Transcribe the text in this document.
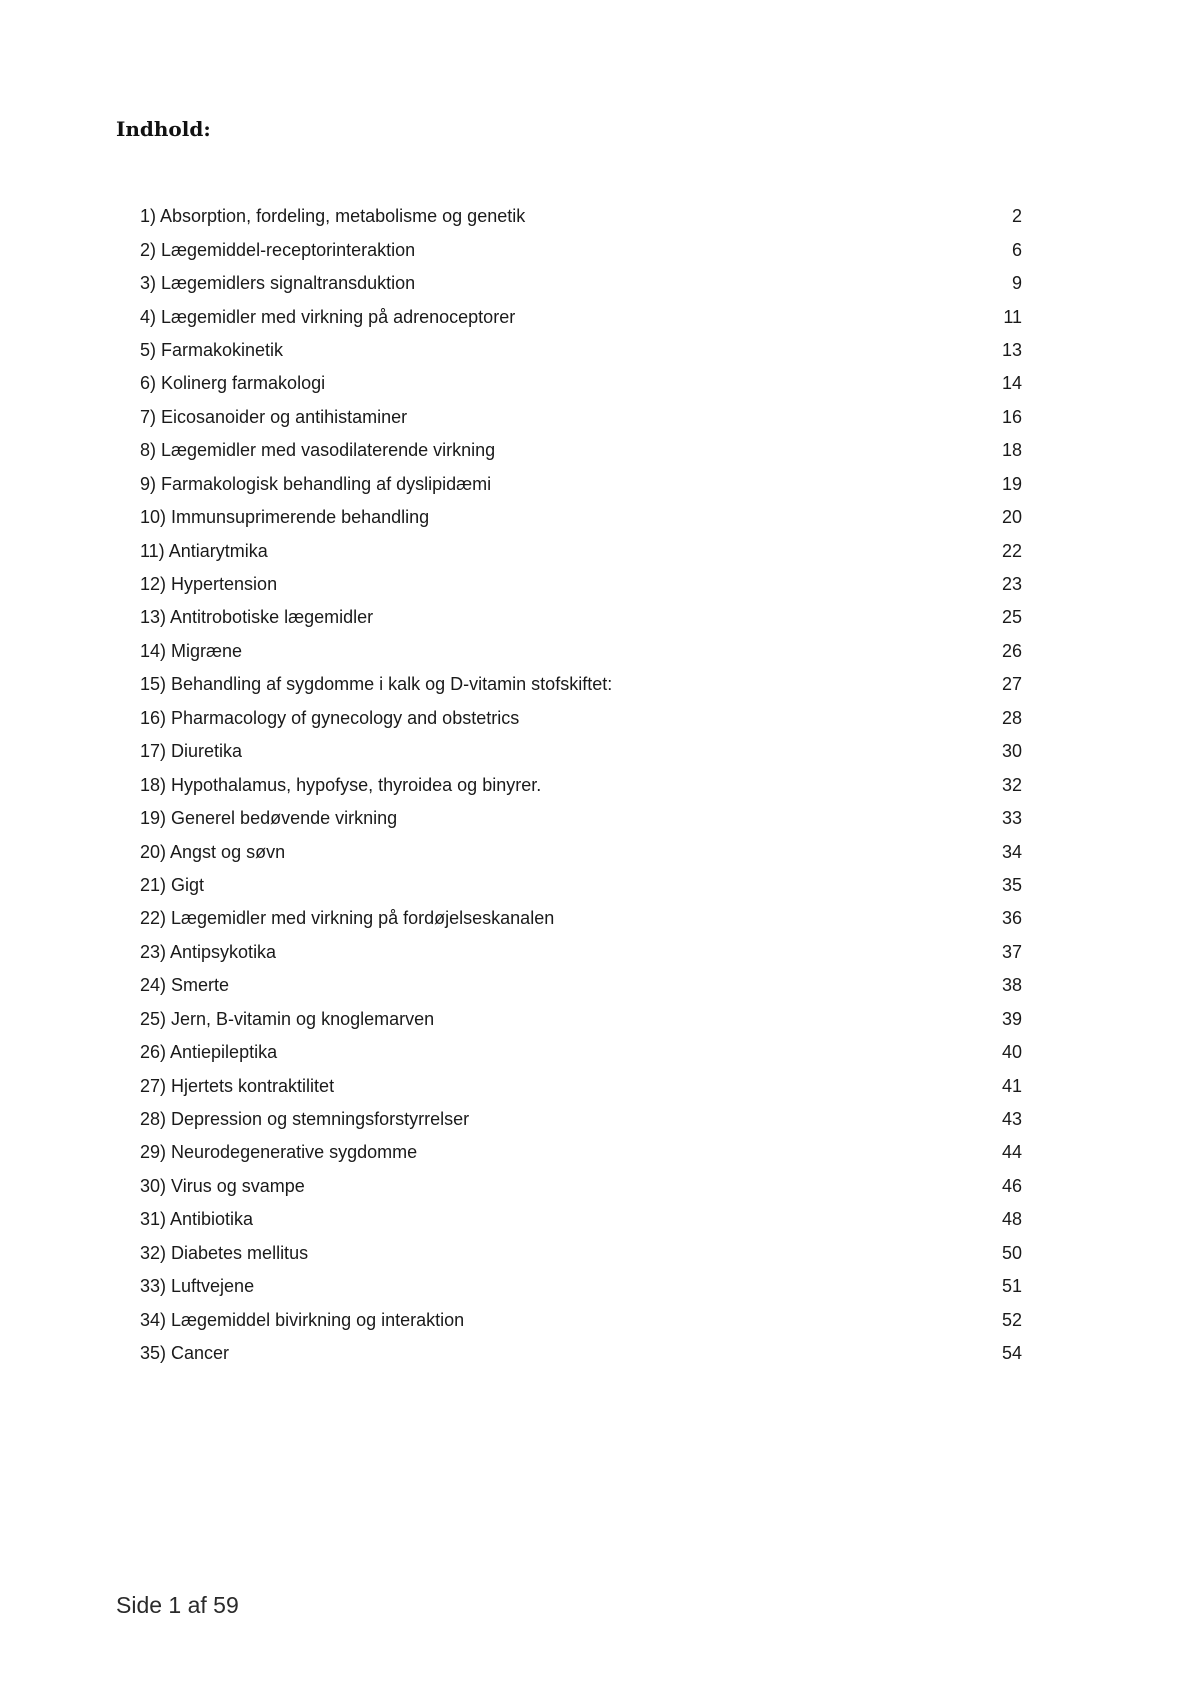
Indhold:
1) Absorption, fordeling, metabolisme og genetik	2
2) Lægemiddel-receptorinteraktion	6
3) Lægemidlers signaltransduktion	9
4) Lægemidler med virkning på adrenoceptorer	11
5) Farmakokinetik	13
6) Kolinerg farmakologi	14
7) Eicosanoider og antihistaminer	16
8) Lægemidler med vasodilaterende virkning	18
9) Farmakologisk behandling af dyslipidæmi	19
10) Immunsuprimerende behandling	20
11) Antiarytmika	22
12) Hypertension	23
13) Antitrobotiske lægemidler	25
14) Migræne	26
15) Behandling af sygdomme i kalk og D-vitamin stofskiftet:	27
16) Pharmacology of gynecology and obstetrics	28
17) Diuretika	30
18) Hypothalamus, hypofyse, thyroidea og binyrer.	32
19) Generel bedøvende virkning	33
20) Angst og søvn	34
21) Gigt	35
22) Lægemidler med virkning på fordøjelseskanalen	36
23) Antipsykotika	37
24) Smerte	38
25) Jern, B-vitamin og knoglemarven	39
26) Antiepileptika	40
27) Hjertets kontraktilitet	41
28) Depression og stemningsforstyrrelser	43
29) Neurodegenerative sygdomme	44
30) Virus og svampe	46
31) Antibiotika	48
32) Diabetes mellitus	50
33) Luftvejene	51
34) Lægemiddel bivirkning og interaktion	52
35) Cancer	54
Side 1 af 59
